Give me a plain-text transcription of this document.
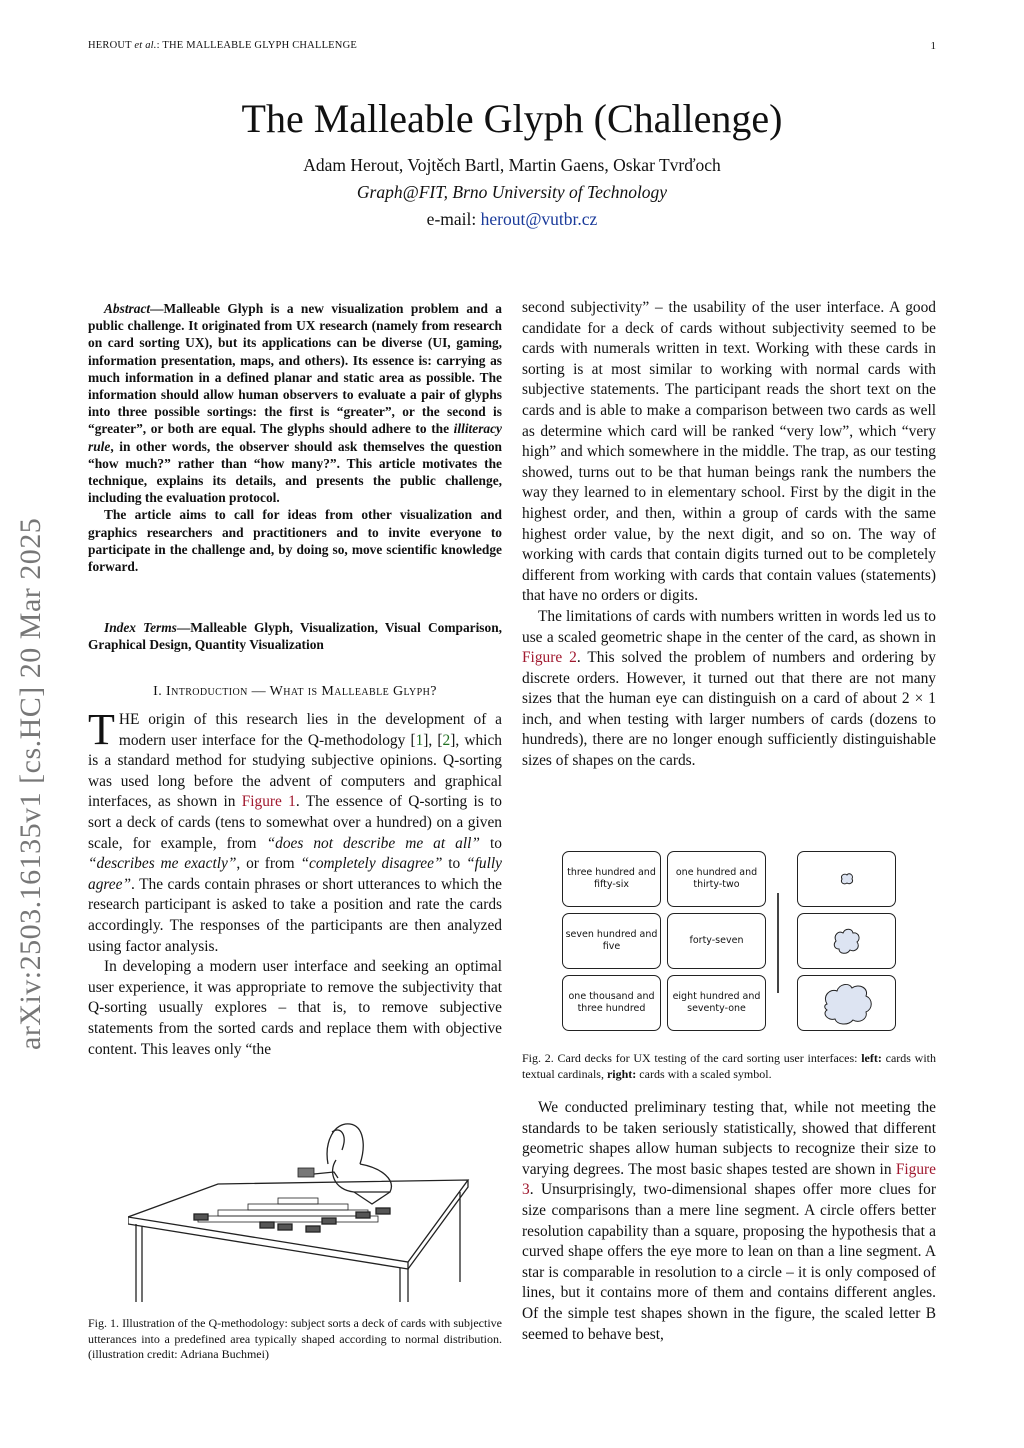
HEROUT et al.: THE MALLEABLE GLYPH CHALLENGE	1
The Malleable Glyph (Challenge)
Adam Herout, Vojtěch Bartl, Martin Gaens, Oskar Tvrďoch
Graph@FIT, Brno University of Technology
e-mail: herout@vutbr.cz
arXiv:2503.16135v1 [cs.HC] 20 Mar 2025

Abstract—Malleable Glyph is a new visualization problem and a public challenge. It originated from UX research (namely from research on card sorting UX), but its applications can be diverse (UI, gaming, information presentation, maps, and others). Its essence is: carrying as much information in a defined planar and static area as possible. The information should allow human observers to evaluate a pair of glyphs into three possible sortings: the first is “greater”, or the second is “greater”, or both are equal. The glyphs should adhere to the illiteracy rule, in other words, the observer should ask themselves the question “how much?” rather than “how many?”. This article motivates the technique, explains its details, and presents the public challenge, including the evaluation protocol.

The article aims to call for ideas from other visualization and graphics researchers and practitioners and to invite everyone to participate in the challenge and, by doing so, move scientific knowledge forward.

Index Terms—Malleable Glyph, Visualization, Visual Comparison, Graphical Design, Quantity Visualization
I. Introduction — What is Malleable Glyph?

THE origin of this research lies in the development of a modern user interface for the Q-methodology [1], [2], which is a standard method for studying subjective opinions. Q-sorting was used long before the advent of computers and graphical interfaces, as shown in Figure 1. The essence of Q-sorting is to sort a deck of cards (tens to somewhat over a hundred) on a given scale, for example, from “does not describe me at all” to “describes me exactly”, or from “completely disagree” to “fully agree”. The cards contain phrases or short utterances to which the research participant is asked to take a position and rate the cards accordingly. The responses of the participants are then analyzed using factor analysis.

In developing a modern user interface and seeking an optimal user experience, it was appropriate to remove the subjectivity that Q-sorting usually explores – that is, to remove subjective statements from the sorted cards and replace them with objective content. This leaves only “the

Fig. 1. Illustration of the Q-methodology: subject sorts a deck of cards with subjective utterances into a predefined area typically shaped according to normal distribution. (illustration credit: Adriana Buchmei)

second subjectivity” – the usability of the user interface. A good candidate for a deck of cards without subjectivity seemed to be cards with numerals written in text. Working with these cards in sorting is at most similar to working with normal cards with subjective statements. The participant reads the short text on the cards and is able to make a comparison between two cards as well as determine which card will be ranked “very low”, which “very high” and which somewhere in the middle. The trap, as our testing showed, turns out to be that human beings rank the numbers the way they learned to in elementary school. First by the digit in the highest order, and then, within a group of cards with the same highest order value, by the next digit, and so on. The way of working with cards that contain digits turned out to be completely different from working with cards that contain values (statements) that have no orders or digits.

The limitations of cards with numbers written in words led us to use a scaled geometric shape in the center of the card, as shown in Figure 2. This solved the problem of numbers and ordering by discrete orders. However, it turned out that there are not many sizes that the human eye can distinguish on a card of about 2 × 1 inch, and when testing with larger numbers of cards (dozens to hundreds), there are no longer enough sufficiently distinguishable sizes of shapes on the cards.

three hundred and fifty-six
one hundred and thirty-two
seven hundred and five
forty-seven
one thousand and three hundred
eight hundred and seventy-one
Fig. 2. Card decks for UX testing of the card sorting user interfaces: left: cards with textual cardinals, right: cards with a scaled symbol.

We conducted preliminary testing that, while not meeting the standards to be taken seriously statistically, showed that different geometric shapes allow human subjects to recognize their size to varying degrees. The most basic shapes tested are shown in Figure 3. Unsurprisingly, two-dimensional shapes offer more clues for size comparisons than a mere line segment. A circle offers better resolution capability than a square, proposing the hypothesis that a curved shape offers the eye more to lean on than a line segment. A star is comparable in resolution to a circle – it is only composed of lines, but it contains more of them and contains different angles. Of the simple test shapes shown in the figure, the scaled letter B seemed to behave best,
